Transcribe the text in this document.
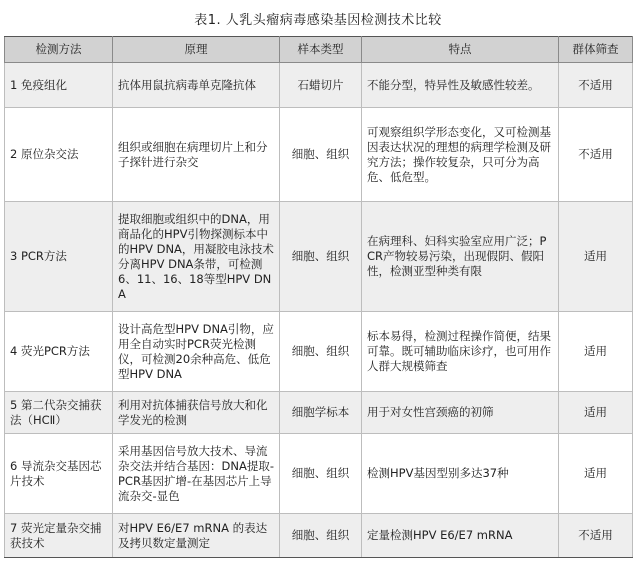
表1. 人乳头瘤病毒感染基因检测技术比较
检测方法	原理	样本类型	特点	群体筛查
1 免疫组化	抗体用鼠抗病毒单克隆抗体	石蜡切片	不能分型，特异性及敏感性较差。	不适用
2 原位杂交法	组织或细胞在病理切片上和分子探针进行杂交	细胞、组织	可观察组织学形态变化，又可检测基因表达状况的理想的病理学检测及研究方法；操作较复杂，只可分为高危、低危型。	不适用
3 PCR方法	提取细胞或组织中的DNA，用商品化的HPV引物探测标本中的HPV DNA，用凝胶电泳技术分离HPV DNA条带，可检测6、11、16、18等型HPV DNA	细胞、组织	在病理科、妇科实验室应用广泛；PCR产物较易污染，出现假阴、假阳性，检测亚型种类有限	适用
4 荧光PCR方法	设计高危型HPV DNA引物，应用全自动实时PCR荧光检测仪，可检测20余种高危、低危型HPV DNA	细胞、组织	标本易得，检测过程操作简便，结果可靠。既可辅助临床诊疗，也可用作人群大规模筛查	适用
5 第二代杂交捕获法（HCⅡ）	利用对抗体捕获信号放大和化学发光的检测	细胞学标本	用于对女性宫颈癌的初筛	适用
6 导流杂交基因芯片技术	采用基因信号放大技术、导流杂交法并结合基因：DNA提取-PCR基因扩增-在基因芯片上导流杂交-显色	细胞、组织	检测HPV基因型别多达37种	适用
7 荧光定量杂交捕获技术	对HPV E6/E7 mRNA 的表达及拷贝数定量测定	细胞、组织	定量检测HPV E6/E7 mRNA	不适用
